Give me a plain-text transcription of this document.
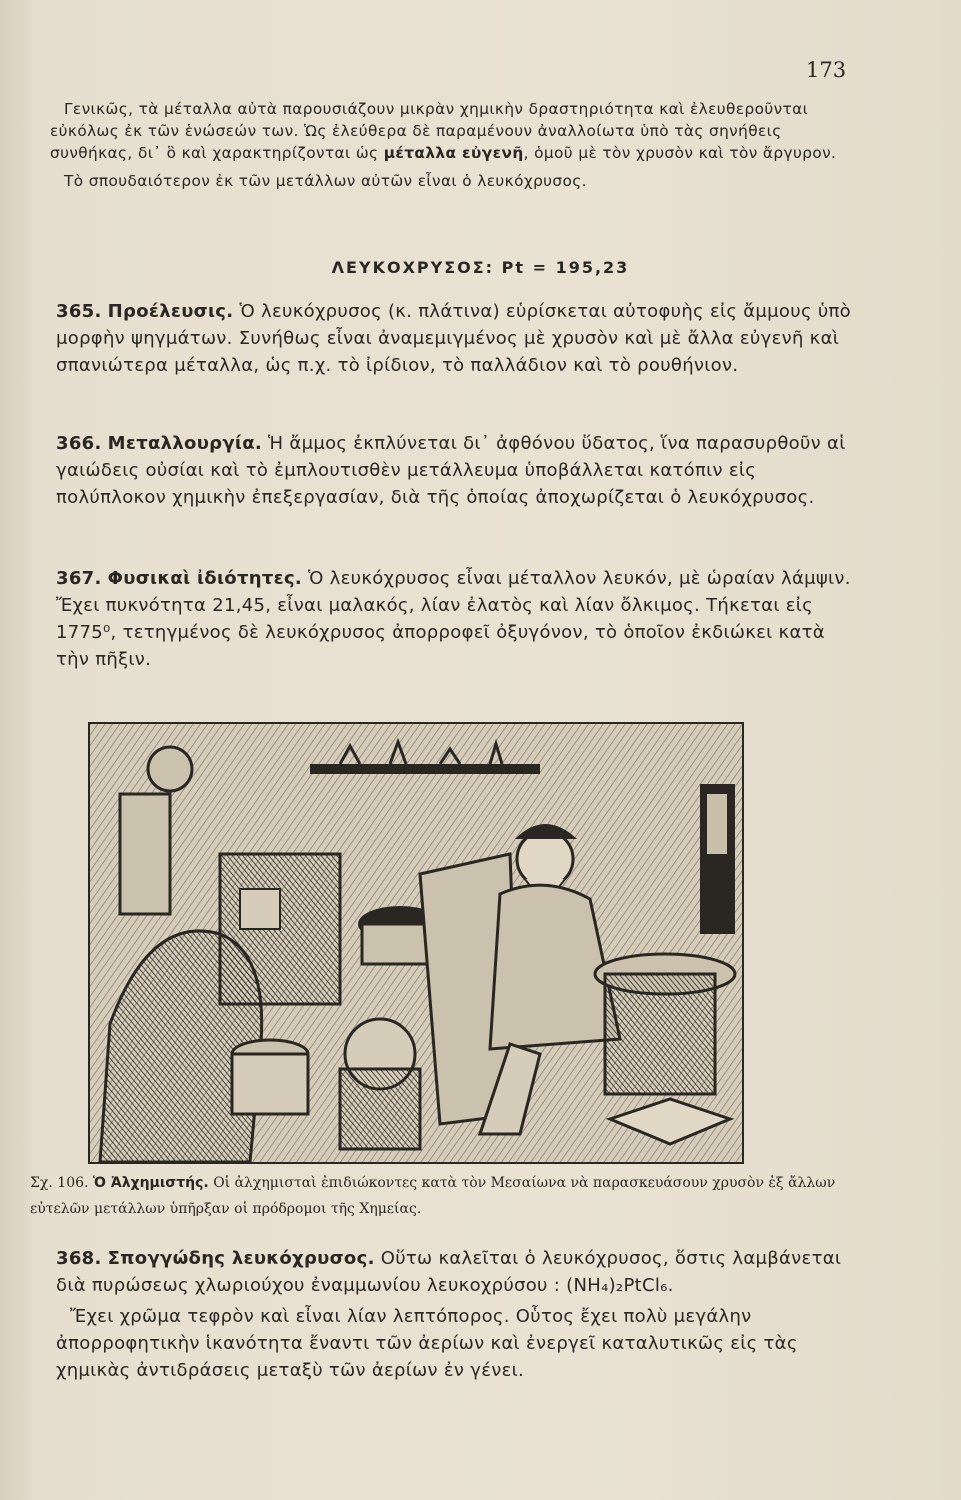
173

Γενικῶς, τὰ μέταλλα αὐτὰ παρουσιάζουν μικρὰν χημικὴν δραστηριότητα καὶ ἐλευθεροῦνται εὐκόλως ἐκ τῶν ἑνώσεών των. Ὡς ἐλεύθερα δὲ παραμένουν ἀναλλοίωτα ὑπὸ τὰς σηνήθεις συνθήκας, δι᾽ ὃ καὶ χαρακτηρίζονται ὡς μέταλλα εὐγενῆ, ὁμοῦ μὲ τὸν χρυσὸν καὶ τὸν ἄργυρον.

Τὸ σπουδαιότερον ἐκ τῶν μετάλλων αὐτῶν εἶναι ὁ λευκόχρυσος.

ΛΕΥΚΟΧΡΥΣΟΣ: Pt = 195,23
365. Προέλευσις. Ὁ λευκόχρυσος (κ. πλάτινα) εὑρίσκεται αὐτοφυὴς εἰς ἄμμους ὑπὸ μορφὴν ψηγμάτων. Συνήθως εἶναι ἀναμεμιγμένος μὲ χρυσὸν καὶ μὲ ἄλλα εὐγενῆ καὶ σπανιώτερα μέταλλα, ὡς π.χ. τὸ ἰρίδιον, τὸ παλλάδιον καὶ τὸ ρουθήνιον.
366. Μεταλλουργία. Ἡ ἄμμος ἐκπλύνεται δι᾽ ἀφθόνου ὕδατος, ἵνα παρασυρθοῦν αἱ γαιώδεις οὐσίαι καὶ τὸ ἐμπλουτισθὲν μετάλλευμα ὑποβάλλεται κατόπιν εἰς πολύπλοκον χημικὴν ἐπεξεργασίαν, διὰ τῆς ὁποίας ἀποχωρίζεται ὁ λευκόχρυσος.
367. Φυσικαὶ ἰδιότητες. Ὁ λευκόχρυσος εἶναι μέταλλον λευκόν, μὲ ὡραίαν λάμψιν. Ἔχει πυκνότητα 21,45, εἶναι μαλακός, λίαν ἐλατὸς καὶ λίαν ὄλκιμος. Τήκεται εἰς 1775⁰, τετηγμένος δὲ λευκόχρυσος ἀπορροφεῖ ὀξυγόνον, τὸ ὁποῖον ἐκδιώκει κατὰ τὴν πῆξιν.
Σχ. 106. Ὁ Ἀλχημιστής. Οἱ ἀλχημισταὶ ἐπιδιώκοντες κατὰ τὸν Μεσαίωνα νὰ παρασκευάσουν χρυσὸν ἐξ ἄλλων εὐτελῶν μετάλλων ὑπῆρξαν οἱ πρόδρομοι τῆς Χημείας.
368. Σπογγώδης λευκόχρυσος. Οὕτω καλεῖται ὁ λευκόχρυσος, ὅστις λαμβάνεται διὰ πυρώσεως χλωριούχου ἐναμμωνίου λευκοχρύσου : (NH₄)₂PtCl₆.
Ἔχει χρῶμα τεφρὸν καὶ εἶναι λίαν λεπτόπορος. Οὗτος ἔχει πολὺ μεγάλην ἀπορροφητικὴν ἱκανότητα ἔναντι τῶν ἀερίων καὶ ἐνεργεῖ καταλυτικῶς εἰς τὰς χημικὰς ἀντιδράσεις μεταξὺ τῶν ἀερίων ἐν γένει.
